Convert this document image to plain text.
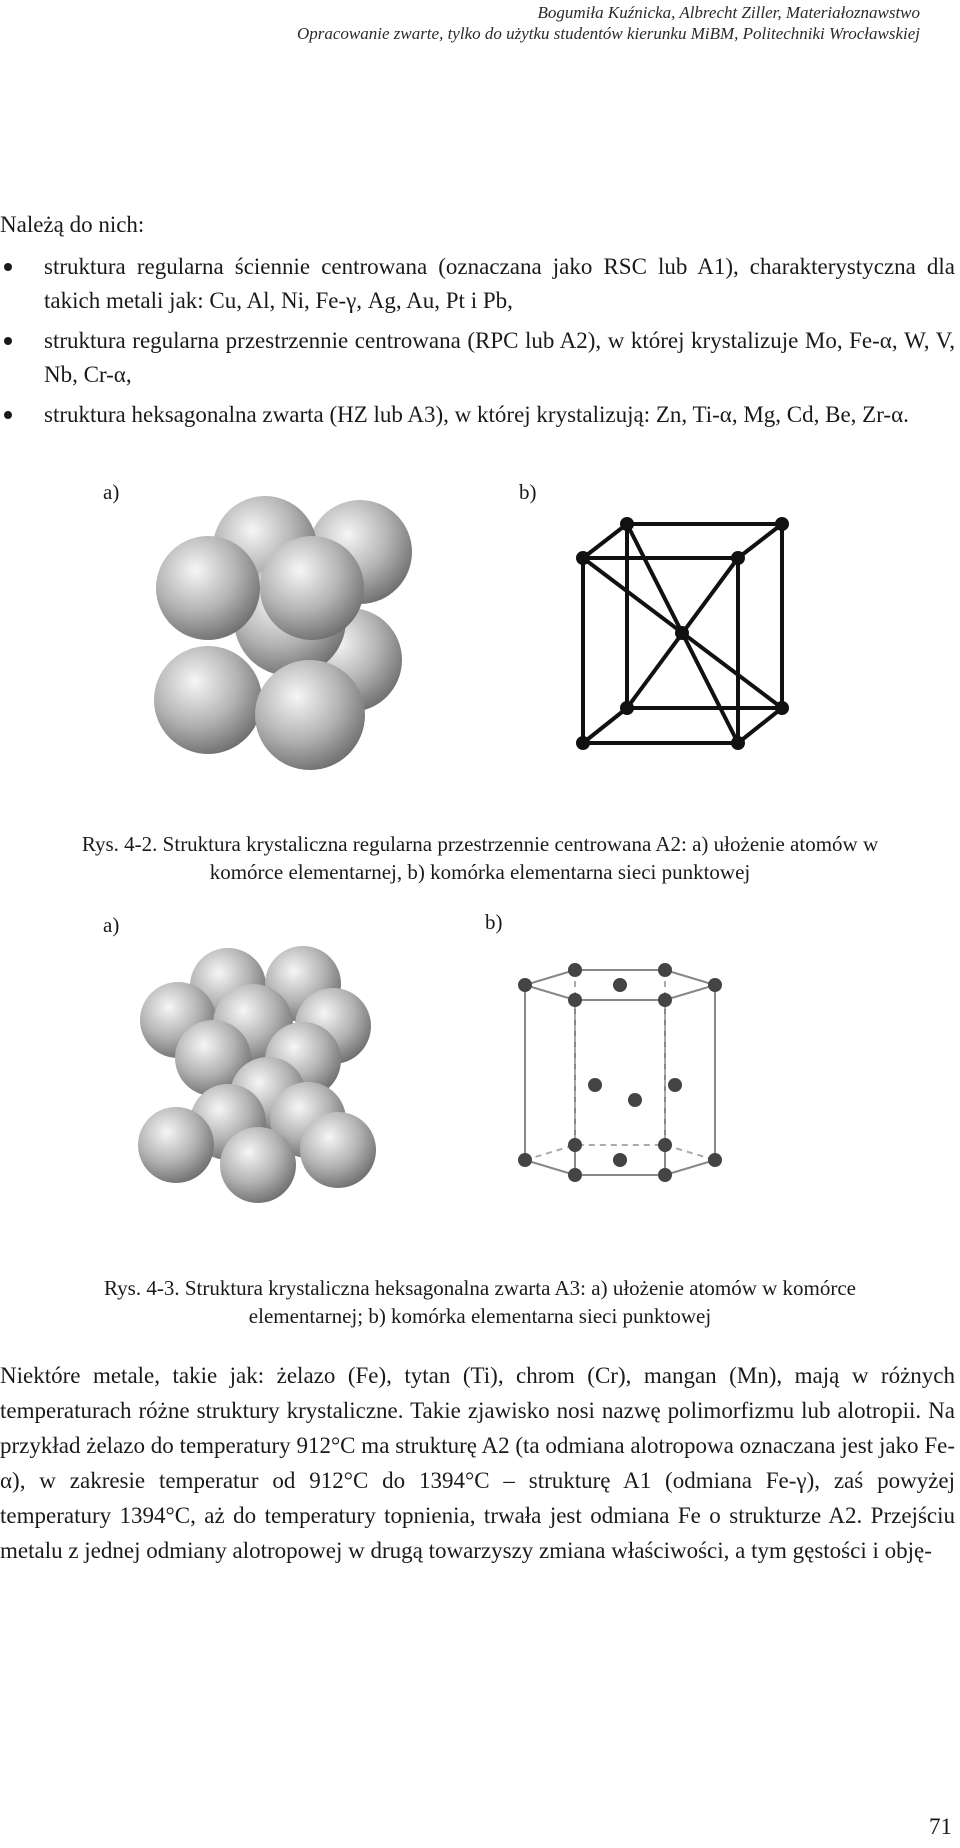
Bogumiła Kuźnicka, Albrecht Ziller, Materiałoznawstwo
Opracowanie zwarte, tylko do użytku studentów kierunku MiBM, Politechniki Wrocławskiej
Należą do nich:
struktura regularna ściennie centrowana (oznaczana jako RSC lub A1), charakterystyczna dla takich metali jak: Cu, Al, Ni, Fe-γ, Ag, Au, Pt i Pb,
struktura regularna przestrzennie centrowana (RPC lub A2), w której krystalizuje Mo, Fe-α, W, V, Nb, Cr-α,
struktura heksagonalna zwarta (HZ lub A3), w której krystalizują: Zn, Ti-α, Mg, Cd, Be, Zr-α.
a)	b)
Rys. 4-2. Struktura krystaliczna regularna przestrzennie centrowana A2: a) ułożenie atomów w
komórce elementarnej, b) komórka elementarna sieci punktowej
a)	b)
Rys. 4-3. Struktura krystaliczna heksagonalna zwarta A3: a) ułożenie atomów w komórce
elementarnej; b) komórka elementarna sieci punktowej

Niektóre metale, takie jak: żelazo (Fe), tytan (Ti), chrom (Cr), mangan (Mn), mają w różnych temperaturach różne struktury krystaliczne. Takie zjawisko nosi nazwę polimorfizmu lub alotropii. Na przykład żelazo do temperatury 912°C ma strukturę A2 (ta odmiana alotropowa oznaczana jest jako Fe-α), w zakresie temperatur od 912°C do 1394°C – strukturę A1 (odmiana Fe-γ), zaś powyżej temperatury 1394°C, aż do temperatury topnienia, trwała jest odmiana Fe o strukturze A2. Przejściu metalu z jednej odmiany alotropowej w drugą towarzyszy zmiana właściwości, a tym gęstości i obję-

71
